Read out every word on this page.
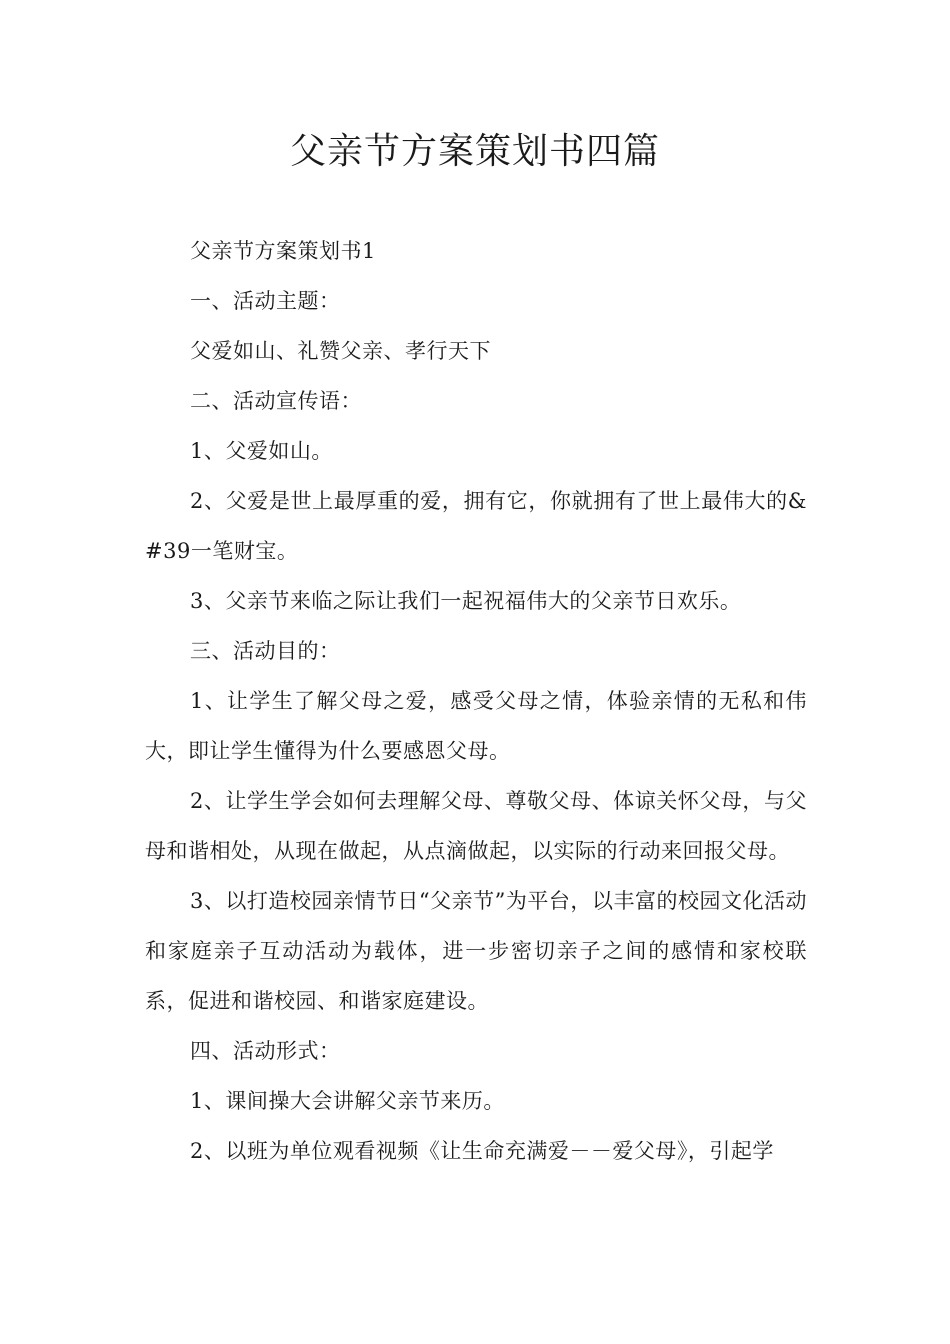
父亲节方案策划书四篇

父亲节方案策划书1

一、活动主题：

父爱如山、礼赞父亲、孝行天下

二、活动宣传语：

1、父爱如山。

2、父爱是世上最厚重的爱，拥有它，你就拥有了世上最伟大的&#39一笔财宝。

3、父亲节来临之际让我们一起祝福伟大的父亲节日欢乐。

三、活动目的：

1、让学生了解父母之爱，感受父母之情，体验亲情的无私和伟大，即让学生懂得为什么要感恩父母。

2、让学生学会如何去理解父母、尊敬父母、体谅关怀父母，与父母和谐相处，从现在做起，从点滴做起，以实际的行动来回报父母。

3、以打造校园亲情节日“父亲节”为平台，以丰富的校园文化活动和家庭亲子互动活动为载体，进一步密切亲子之间的感情和家校联系，促进和谐校园、和谐家庭建设。

四、活动形式：

1、课间操大会讲解父亲节来历。

2、以班为单位观看视频《让生命充满爱－－爱父母》，引起学
